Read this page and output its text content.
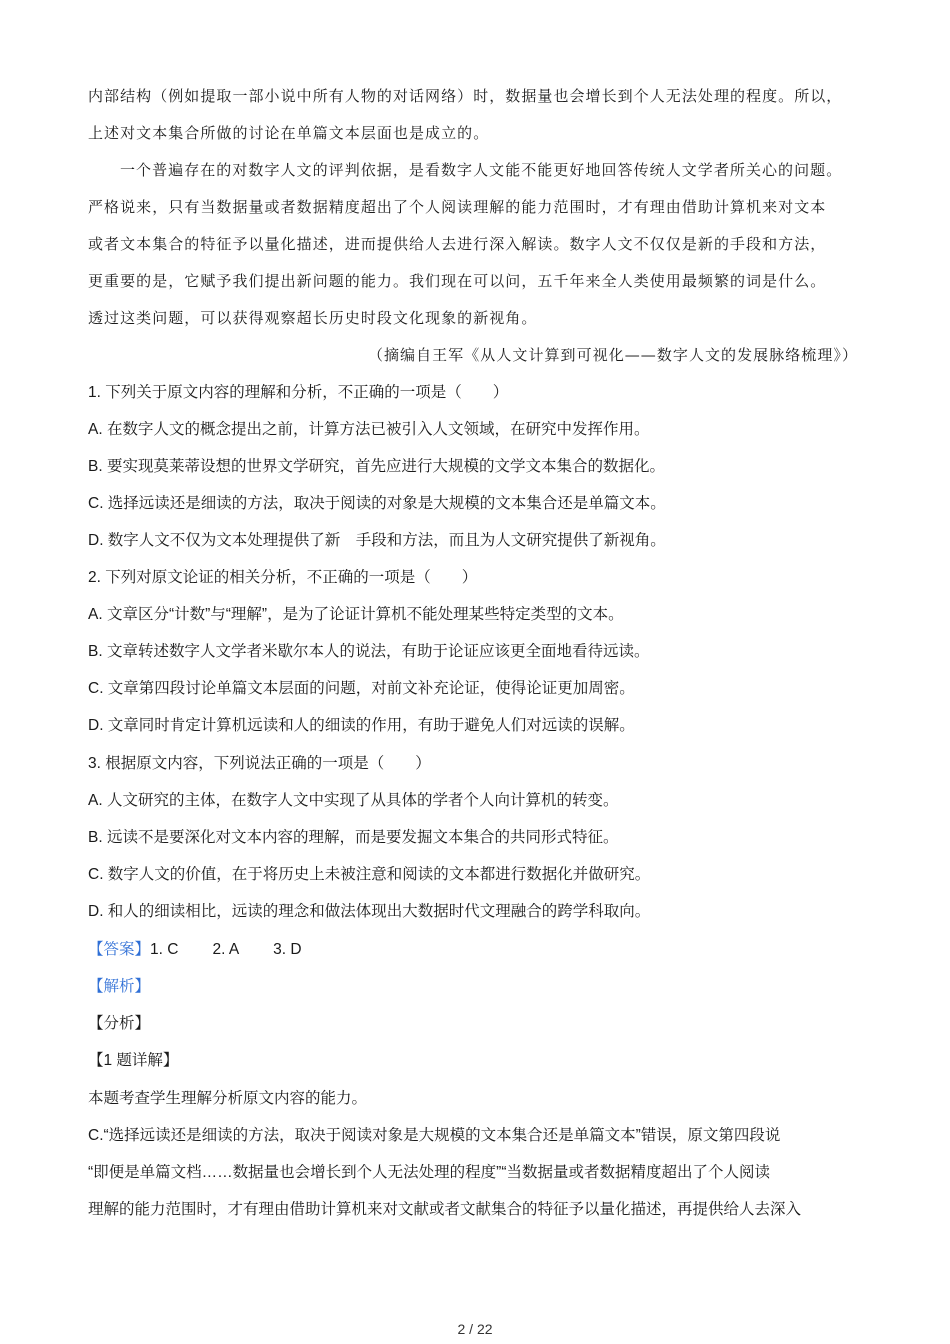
内部结构（例如提取一部小说中所有人物的对话网络）时，数据量也会增长到个人无法处理的程度。所以，
上述对文本集合所做的讨论在单篇文本层面也是成立的。
一个普遍存在的对数字人文的评判依据，是看数字人文能不能更好地回答传统人文学者所关心的问题。
严格说来，只有当数据量或者数据精度超出了个人阅读理解的能力范围时，才有理由借助计算机来对文本
或者文本集合的特征予以量化描述，进而提供给人去进行深入解读。数字人文不仅仅是新的手段和方法，
更重要的是，它赋予我们提出新问题的能力。我们现在可以问，五千年来全人类使用最频繁的词是什么。
透过这类问题，可以获得观察超长历史时段文化现象的新视角。
（摘编自王军《从人文计算到可视化——数字人文的发展脉络梳理》）
1. 下列关于原文内容的理解和分析，不正确的一项是（　　）
A. 在数字人文的概念提出之前，计算方法已被引入人文领域，在研究中发挥作用。
B. 要实现莫莱蒂设想的世界文学研究，首先应进行大规模的文学文本集合的数据化。
C. 选择远读还是细读的方法，取决于阅读的对象是大规模的文本集合还是单篇文本。
D. 数字人文不仅为文本处理提供了新　手段和方法，而且为人文研究提供了新视角。
2. 下列对原文论证的相关分析，不正确的一项是（　　）
A. 文章区分“计数”与“理解”，是为了论证计算机不能处理某些特定类型的文本。
B. 文章转述数字人文学者米歇尔本人的说法，有助于论证应该更全面地看待远读。
C. 文章第四段讨论单篇文本层面的问题，对前文补充论证，使得论证更加周密。
D. 文章同时肯定计算机远读和人的细读的作用，有助于避免人们对远读的误解。
3. 根据原文内容，下列说法正确的一项是（　　）
A. 人文研究的主体，在数字人文中实现了从具体的学者个人向计算机的转变。
B. 远读不是要深化对文本内容的理解，而是要发掘文本集合的共同形式特征。
C. 数字人文的价值，在于将历史上未被注意和阅读的文本都进行数据化并做研究。
D. 和人的细读相比，远读的理念和做法体现出大数据时代文理融合的跨学科取向。
【答案】1. C 2. A 3. D
【解析】
【分析】
【1 题详解】
本题考查学生理解分析原文内容的能力。
C.“选择远读还是细读的方法，取决于阅读对象是大规模的文本集合还是单篇文本”错误，原文第四段说
“即便是单篇文档……数据量也会增长到个人无法处理的程度”“当数据量或者数据精度超出了个人阅读
理解的能力范围时，才有理由借助计算机来对文献或者文献集合的特征予以量化描述，再提供给人去深入
2 / 22
